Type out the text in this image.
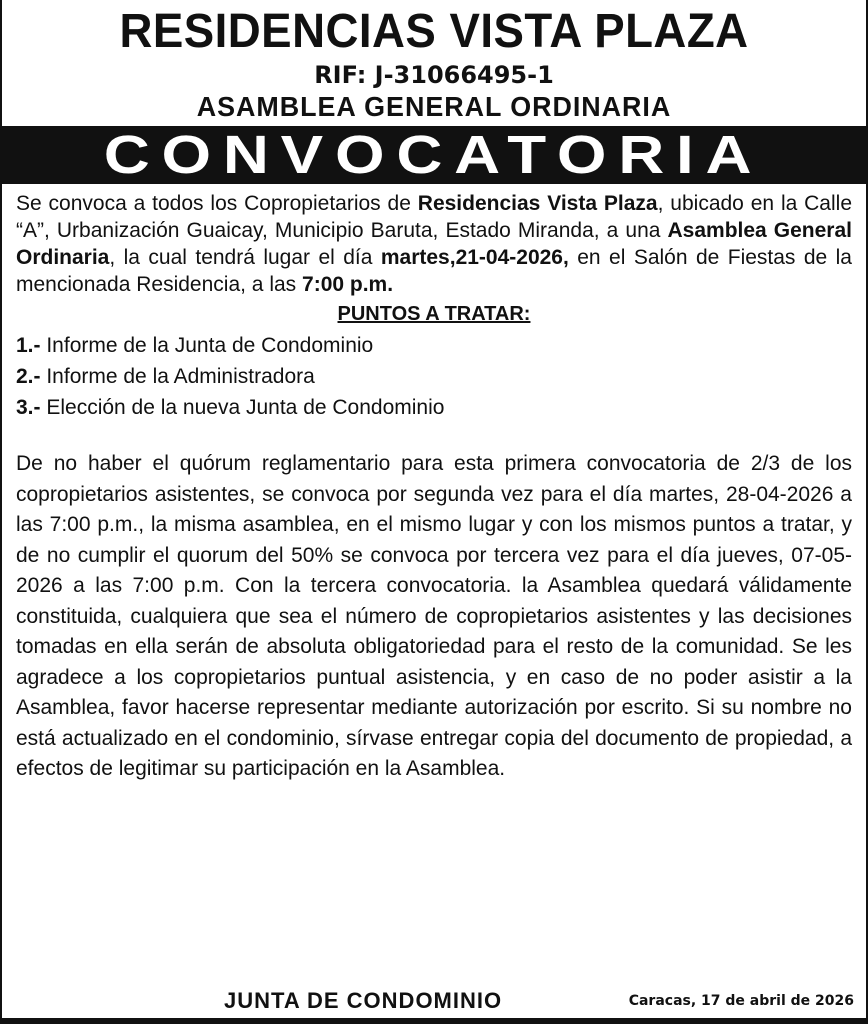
RESIDENCIAS VISTA PLAZA
RIF: J-31066495-1
ASAMBLEA GENERAL ORDINARIA
CONVOCATORIA

Se convoca a todos los Copropietarios de Residencias Vista Plaza, ubicado en la Calle “A”, Urbanización Guaicay, Municipio Baruta, Estado Miranda, a una Asamblea General Ordinaria, la cual tendrá lugar el día martes,21-04-2026, en el Salón de Fiestas de la mencionada Residencia, a las 7:00 p.m.

PUNTOS A TRATAR:
1.- Informe de la Junta de Condominio
2.- Informe de la Administradora
3.- Elección de la nueva Junta de Condominio

De no haber el quórum reglamentario para esta primera convocatoria de 2/3 de los copropietarios asistentes, se convoca por segunda vez para el día martes, 28-04-2026 a las 7:00 p.m., la misma asamblea, en el mismo lugar y con los mismos puntos a tratar, y de no cumplir el quorum del 50% se convoca por tercera vez para el día jueves, 07-05-2026 a las 7:00 p.m. Con la tercera convocatoria. la Asamblea quedará válidamente constituida, cualquiera que sea el número de copropietarios asistentes y las decisiones tomadas en ella serán de absoluta obligatoriedad para el resto de la comunidad. Se les agradece a los copropietarios puntual asistencia, y en caso de no poder asistir a la Asamblea, favor hacerse representar mediante autorización por escrito. Si su nombre no está actualizado en el condominio, sírvase entregar copia del documento de propiedad, a efectos de legitimar su participación en la Asamblea.

JUNTA DE CONDOMINIO	Caracas, 17 de abril de 2026
